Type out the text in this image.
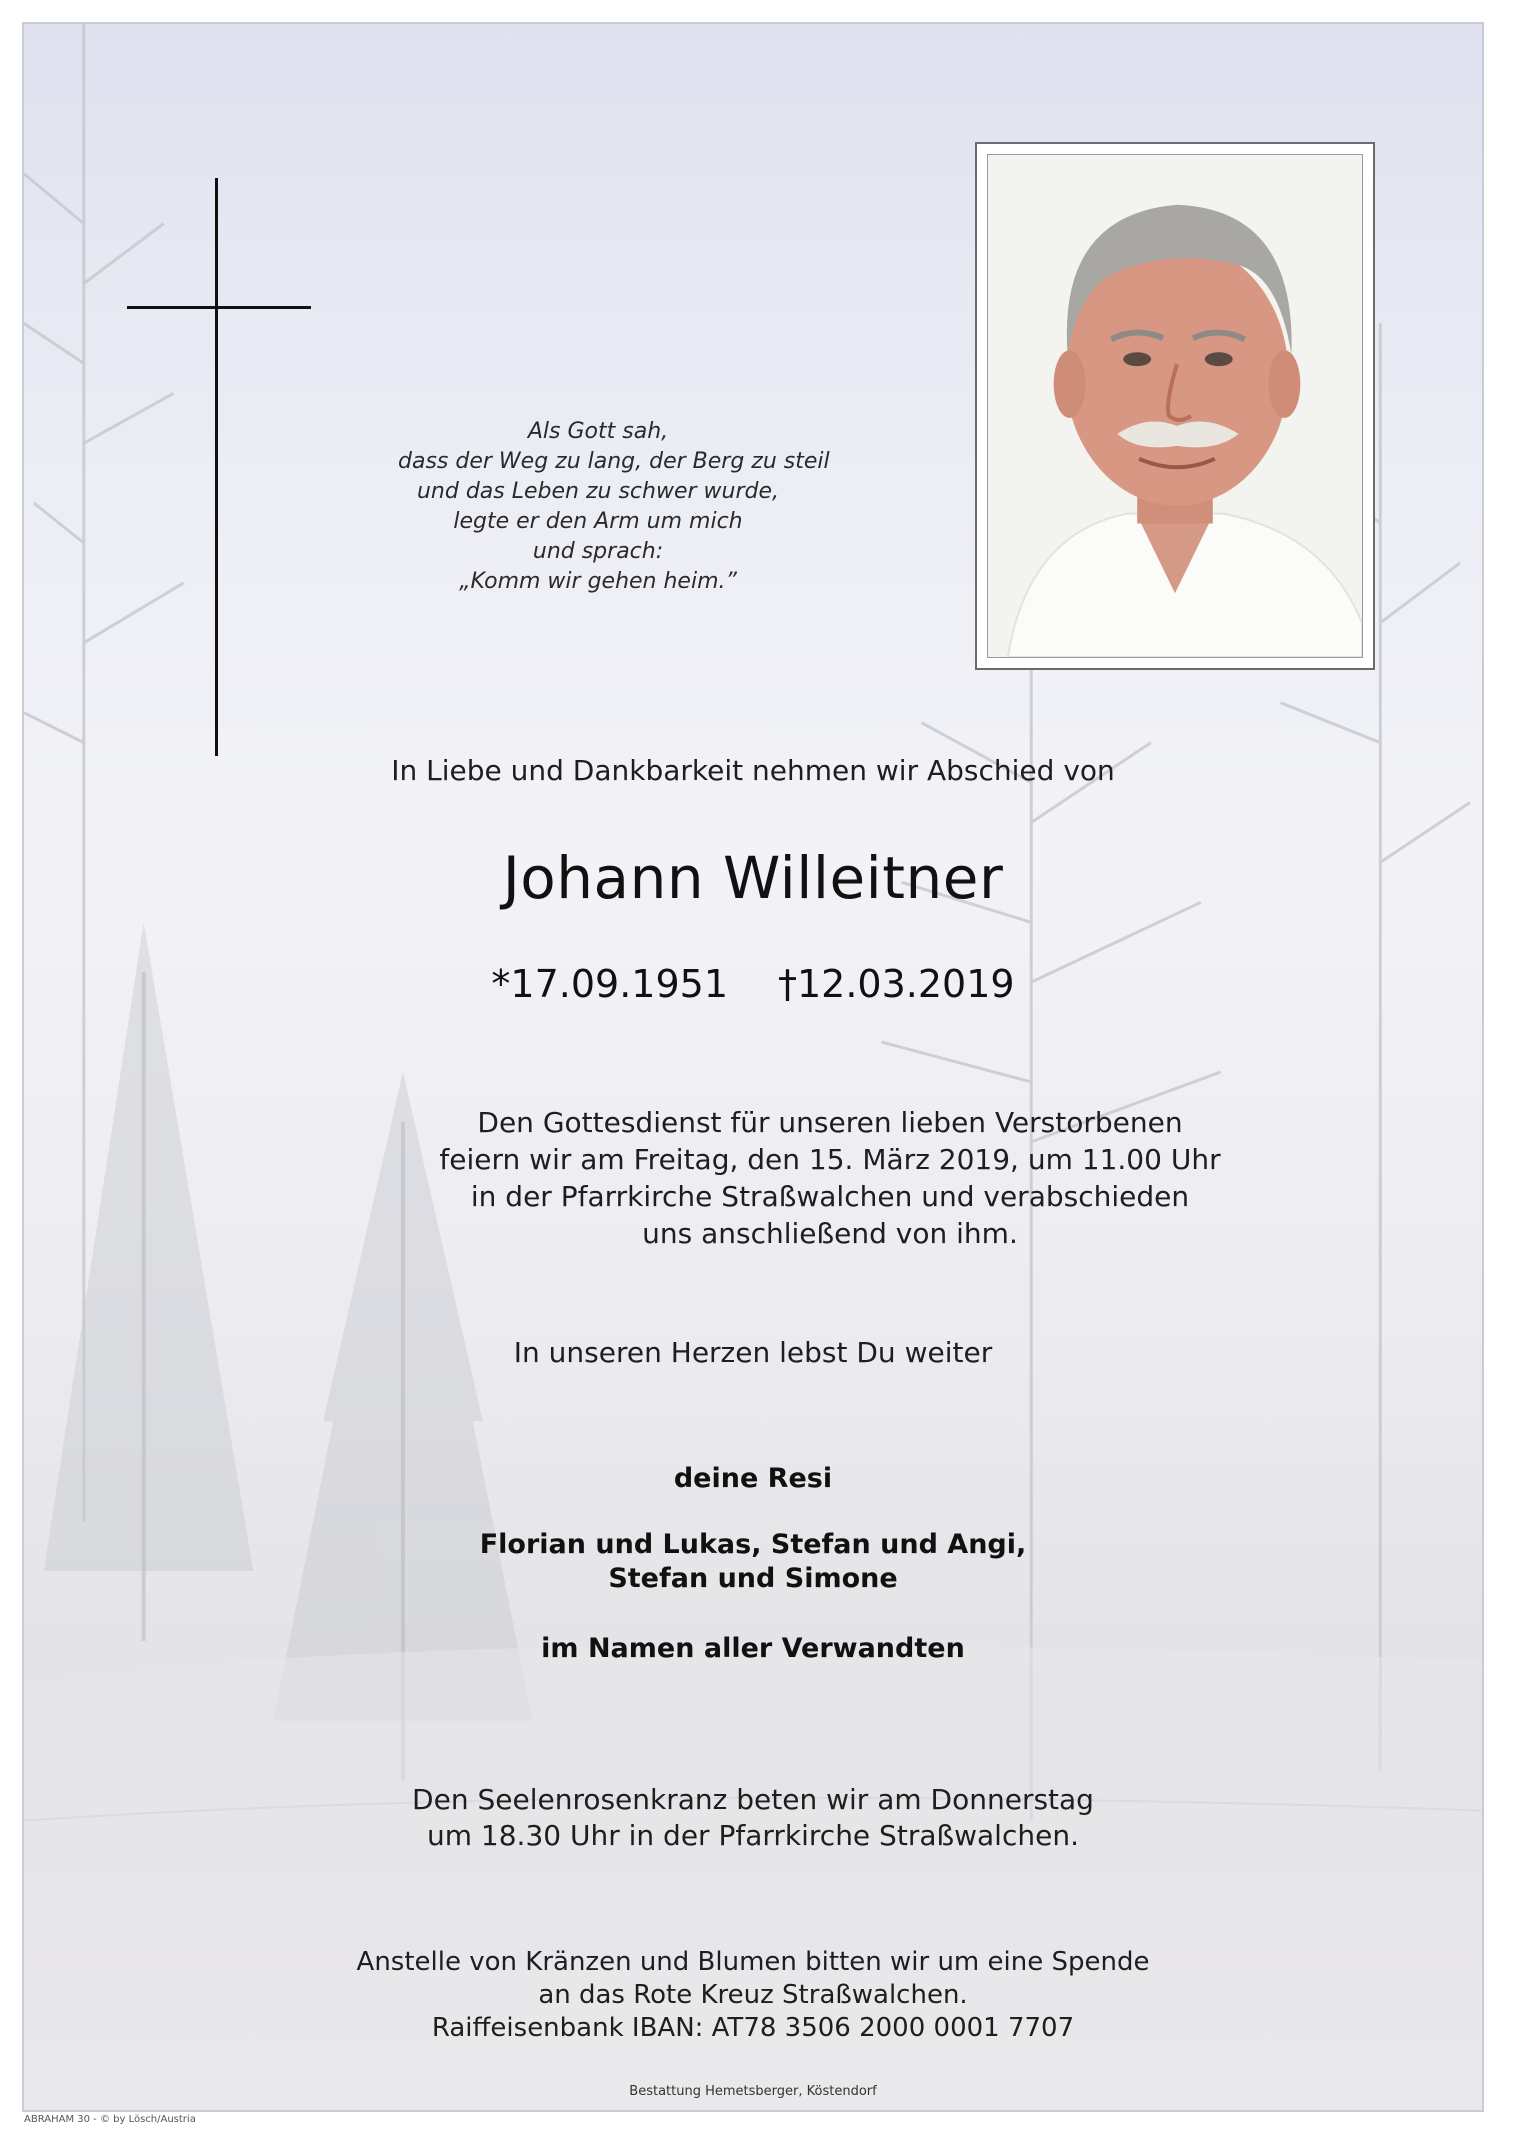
Als Gott sah,
dass der Weg zu lang, der Berg zu steil
und das Leben zu schwer wurde,
legte er den Arm um mich
und sprach:
„Komm wir gehen heim.”
In Liebe und Dankbarkeit nehmen wir Abschied von
Johann Willeitner
*17.09.1951 †12.03.2019
Den Gottesdienst für unseren lieben Verstorbenen
feiern wir am Freitag, den 15. März 2019, um 11.00 Uhr
in der Pfarrkirche Straßwalchen und verabschieden
uns anschließend von ihm.
In unseren Herzen lebst Du weiter
deine Resi
Florian und Lukas, Stefan und Angi,
Stefan und Simone
im Namen aller Verwandten
Den Seelenrosenkranz beten wir am Donnerstag
um 18.30 Uhr in der Pfarrkirche Straßwalchen.
Anstelle von Kränzen und Blumen bitten wir um eine Spende
an das Rote Kreuz Straßwalchen.
Raiffeisenbank IBAN: AT78 3506 2000 0001 7707
Bestattung Hemetsberger, Köstendorf
ABRAHAM 30 - © by Lösch/Austria
